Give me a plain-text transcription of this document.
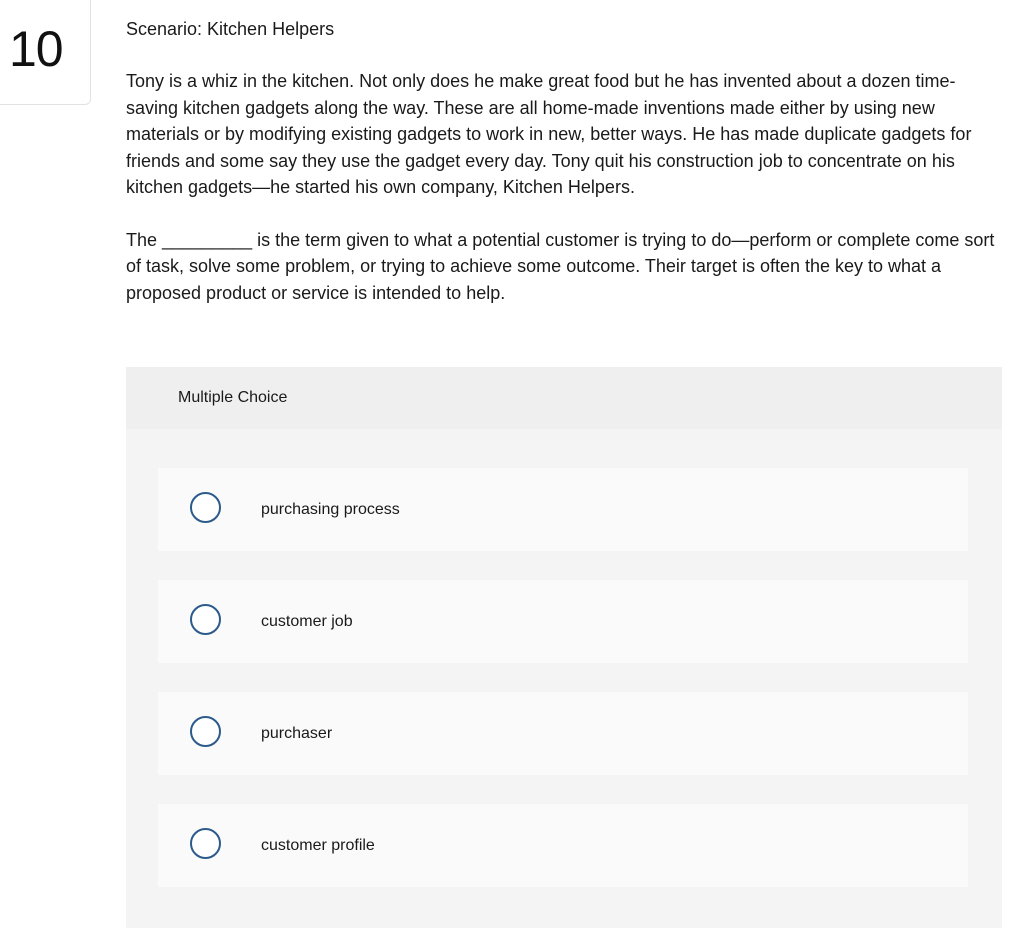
10	Scenario: Kitchen Helpers
Tony is a whiz in the kitchen. Not only does he make great food but he has invented about a dozen time-saving kitchen gadgets along the way. These are all home-made inventions made either by using new materials or by modifying existing gadgets to work in new, better ways. He has made duplicate gadgets for friends and some say they use the gadget every day. Tony quit his construction job to concentrate on his kitchen gadgets—he started his own company, Kitchen Helpers.
The _________ is the term given to what a potential customer is trying to do—perform or complete come sort of task, solve some problem, or trying to achieve some outcome. Their target is often the key to what a proposed product or service is intended to help.
Multiple Choice
purchasing process
customer job
purchaser
customer profile
